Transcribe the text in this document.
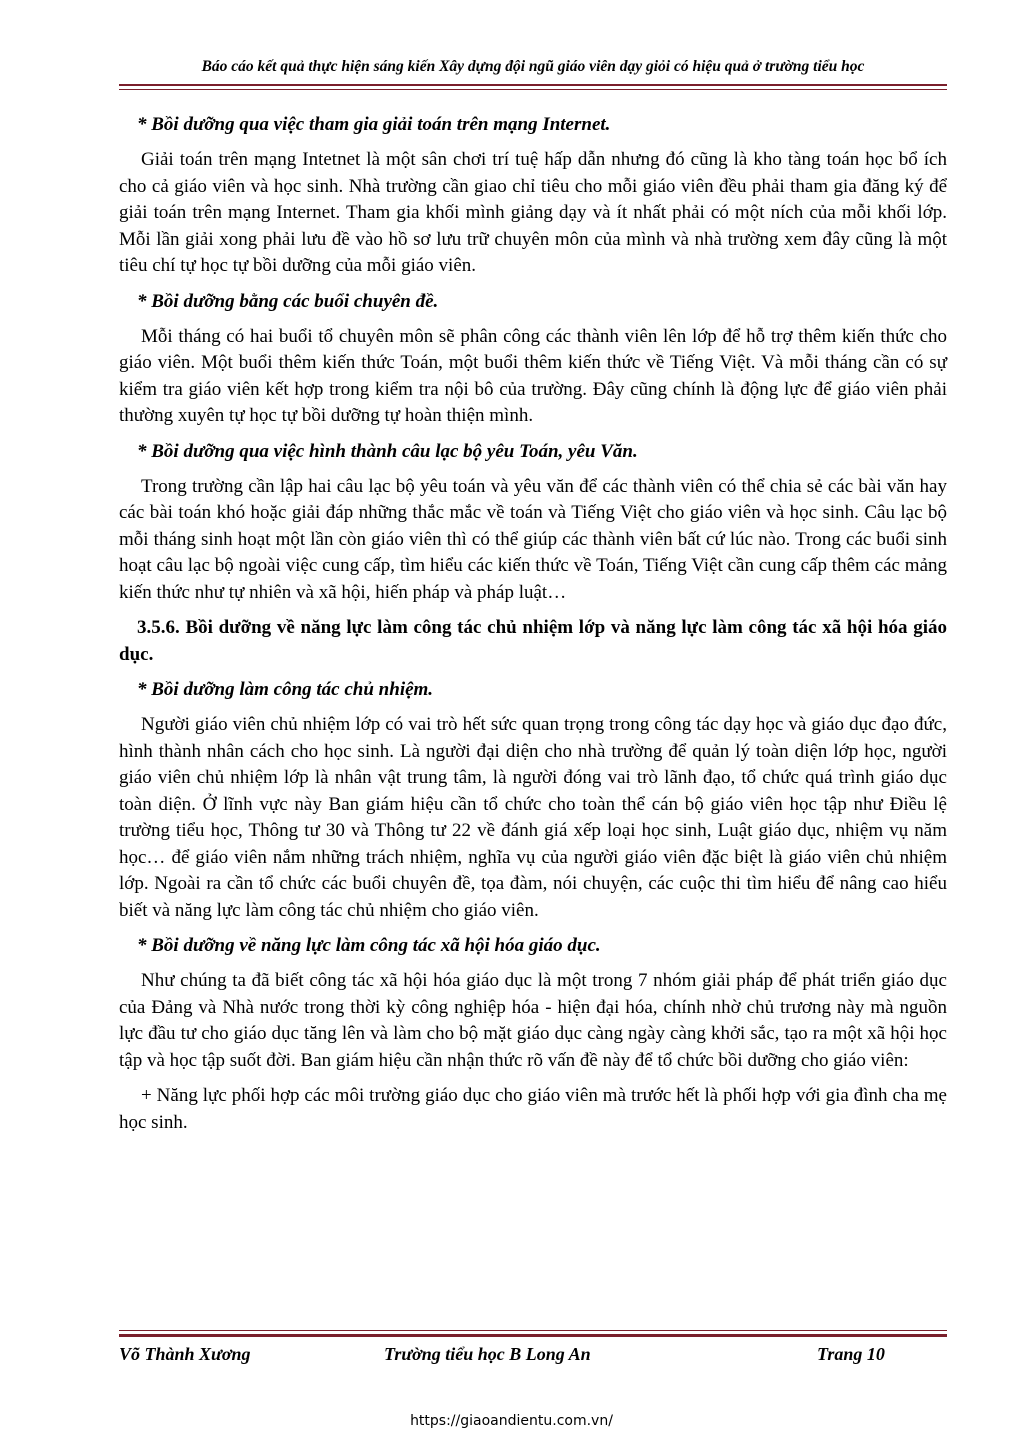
Báo cáo kết quả thực hiện sáng kiến Xây dựng đội ngũ giáo viên dạy giỏi có hiệu quả ở trường tiểu học
* Bồi dưỡng qua việc tham gia giải toán trên mạng Internet.
Giải toán trên mạng Intetnet là một sân chơi trí tuệ hấp dẫn nhưng đó cũng là kho tàng toán học bổ ích cho cả giáo viên và học sinh. Nhà trường cần giao chỉ tiêu cho mỗi giáo viên đều phải tham gia đăng ký để giải toán trên mạng Internet. Tham gia khối mình giảng dạy và ít nhất phải có một ních của mỗi khối lớp. Mỗi lần giải xong phải lưu đề vào hồ sơ lưu trữ chuyên môn của mình và nhà trường xem đây cũng là một tiêu chí tự học tự bồi dưỡng của mỗi giáo viên.
* Bồi dưỡng bằng các buổi chuyên đề.
Mỗi tháng có hai buổi tổ chuyên môn sẽ phân công các thành viên lên lớp để hỗ trợ thêm kiến thức cho giáo viên. Một buổi thêm kiến thức Toán, một buổi thêm kiến thức về Tiếng Việt. Và mỗi tháng cần có sự kiểm tra giáo viên kết hợp trong kiểm tra nội bô của trường. Đây cũng chính là động lực để giáo viên phải thường xuyên tự học tự bồi dưỡng tự hoàn thiện mình.
* Bồi dưỡng qua việc hình thành câu lạc bộ yêu Toán, yêu Văn.
Trong trường cần lập hai câu lạc bộ yêu toán và yêu văn để các thành viên có thể chia sẻ các bài văn hay các bài toán khó hoặc giải đáp những thắc mắc về toán và Tiếng Việt cho giáo viên và học sinh. Câu lạc bộ mỗi tháng sinh hoạt một lần còn giáo viên thì có thể giúp các thành viên bất cứ lúc nào. Trong các buổi sinh hoạt câu lạc bộ ngoài việc cung cấp, tìm hiểu các kiến thức về Toán, Tiếng Việt cần cung cấp thêm các mảng kiến thức như tự nhiên và xã hội, hiến pháp và pháp luật…
3.5.6. Bồi dưỡng về năng lực làm công tác chủ nhiệm lớp và năng lực làm công tác xã hội hóa giáo dục.
* Bồi dưỡng làm công tác chủ nhiệm.
Người giáo viên chủ nhiệm lớp có vai trò hết sức quan trọng trong công tác dạy học và giáo dục đạo đức, hình thành nhân cách cho học sinh. Là người đại diện cho nhà trường để quản lý toàn diện lớp học, người giáo viên chủ nhiệm lớp là nhân vật trung tâm, là người đóng vai trò lãnh đạo, tổ chức quá trình giáo dục toàn diện. Ở lĩnh vực này Ban giám hiệu cần tổ chức cho toàn thể cán bộ giáo viên học tập như Điều lệ trường tiểu học, Thông tư 30 và Thông tư 22 về đánh giá xếp loại học sinh, Luật giáo dục, nhiệm vụ năm học… để giáo viên nắm những trách nhiệm, nghĩa vụ của người giáo viên đặc biệt là giáo viên chủ nhiệm lớp. Ngoài ra cần tổ chức các buổi chuyên đề, tọa đàm, nói chuyện, các cuộc thi tìm hiểu để nâng cao hiểu biết và năng lực làm công tác chủ nhiệm cho giáo viên.
* Bồi dưỡng về năng lực làm công tác xã hội hóa giáo dục.
Như chúng ta đã biết công tác xã hội hóa giáo dục là một trong 7 nhóm giải pháp để phát triển giáo dục của Đảng và Nhà nước trong thời kỳ công nghiệp hóa - hiện đại hóa, chính nhờ chủ trương này mà nguồn lực đầu tư cho giáo dục tăng lên và làm cho bộ mặt giáo dục càng ngày càng khởi sắc, tạo ra một xã hội học tập và học tập suốt đời. Ban giám hiệu cần nhận thức rõ vấn đề này để tổ chức bồi dưỡng cho giáo viên:
+ Năng lực phối hợp các môi trường giáo dục cho giáo viên mà trước hết là phối hợp với gia đình cha mẹ học sinh.
Võ Thành Xương	Trường tiểu học B Long An	Trang 10
https://giaoandientu.com.vn/
